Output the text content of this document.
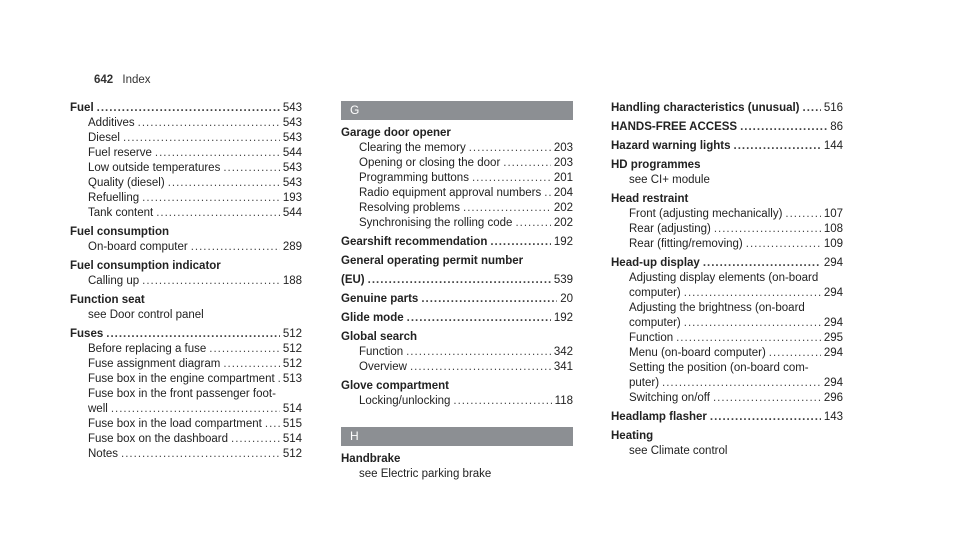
642 Index
Fuel .....	543
Additives .....	543
Diesel .....	543
Fuel reserve .....	544
Low outside temperatures .....	543
Quality (diesel) .....	543
Refuelling .....	193
Tank content .....	544
Fuel consumption
On-board computer .....	289
Fuel consumption indicator
Calling up .....	188
Function seat
see Door control panel
Fuses .....	512
Before replacing a fuse .....	512
Fuse assignment diagram .....	512
Fuse box in the engine compartment ..... 513
Fuse box in the front passenger foot-
well .....	514
Fuse box in the load compartment ..... 515
Fuse box on the dashboard .....	514
Notes .....	512
G
Garage door opener
Clearing the memory .....	203
Opening or closing the door .....	203
Programming buttons .....	201
Radio equipment approval numbers ..... 204
Resolving problems .....	202
Synchronising the rolling code .....	202
Gearshift recommendation .....	192
General operating permit number
(EU) .....	539
Genuine parts .....	20
Glide mode .....	192
Global search
Function .....	342
Overview .....	341
Glove compartment
Locking/unlocking .....	118
H
Handbrake
see Electric parking brake
Handling characteristics (unusual) ..... 516
HANDS-FREE ACCESS .....	86
Hazard warning lights .....	144
HD programmes
see CI+ module
Head restraint
Front (adjusting mechanically) .....	107
Rear (adjusting) .....	108
Rear (fitting/removing) .....	109
Head-up display .....	294
Adjusting display elements (on-board
computer) .....	294
Adjusting the brightness (on-board
computer) .....	294
Function .....	295
Menu (on-board computer) .....	294
Setting the position (on-board com-
puter) .....	294
Switching on/off .....	296
Headlamp flasher .....	143
Heating
see Climate control
